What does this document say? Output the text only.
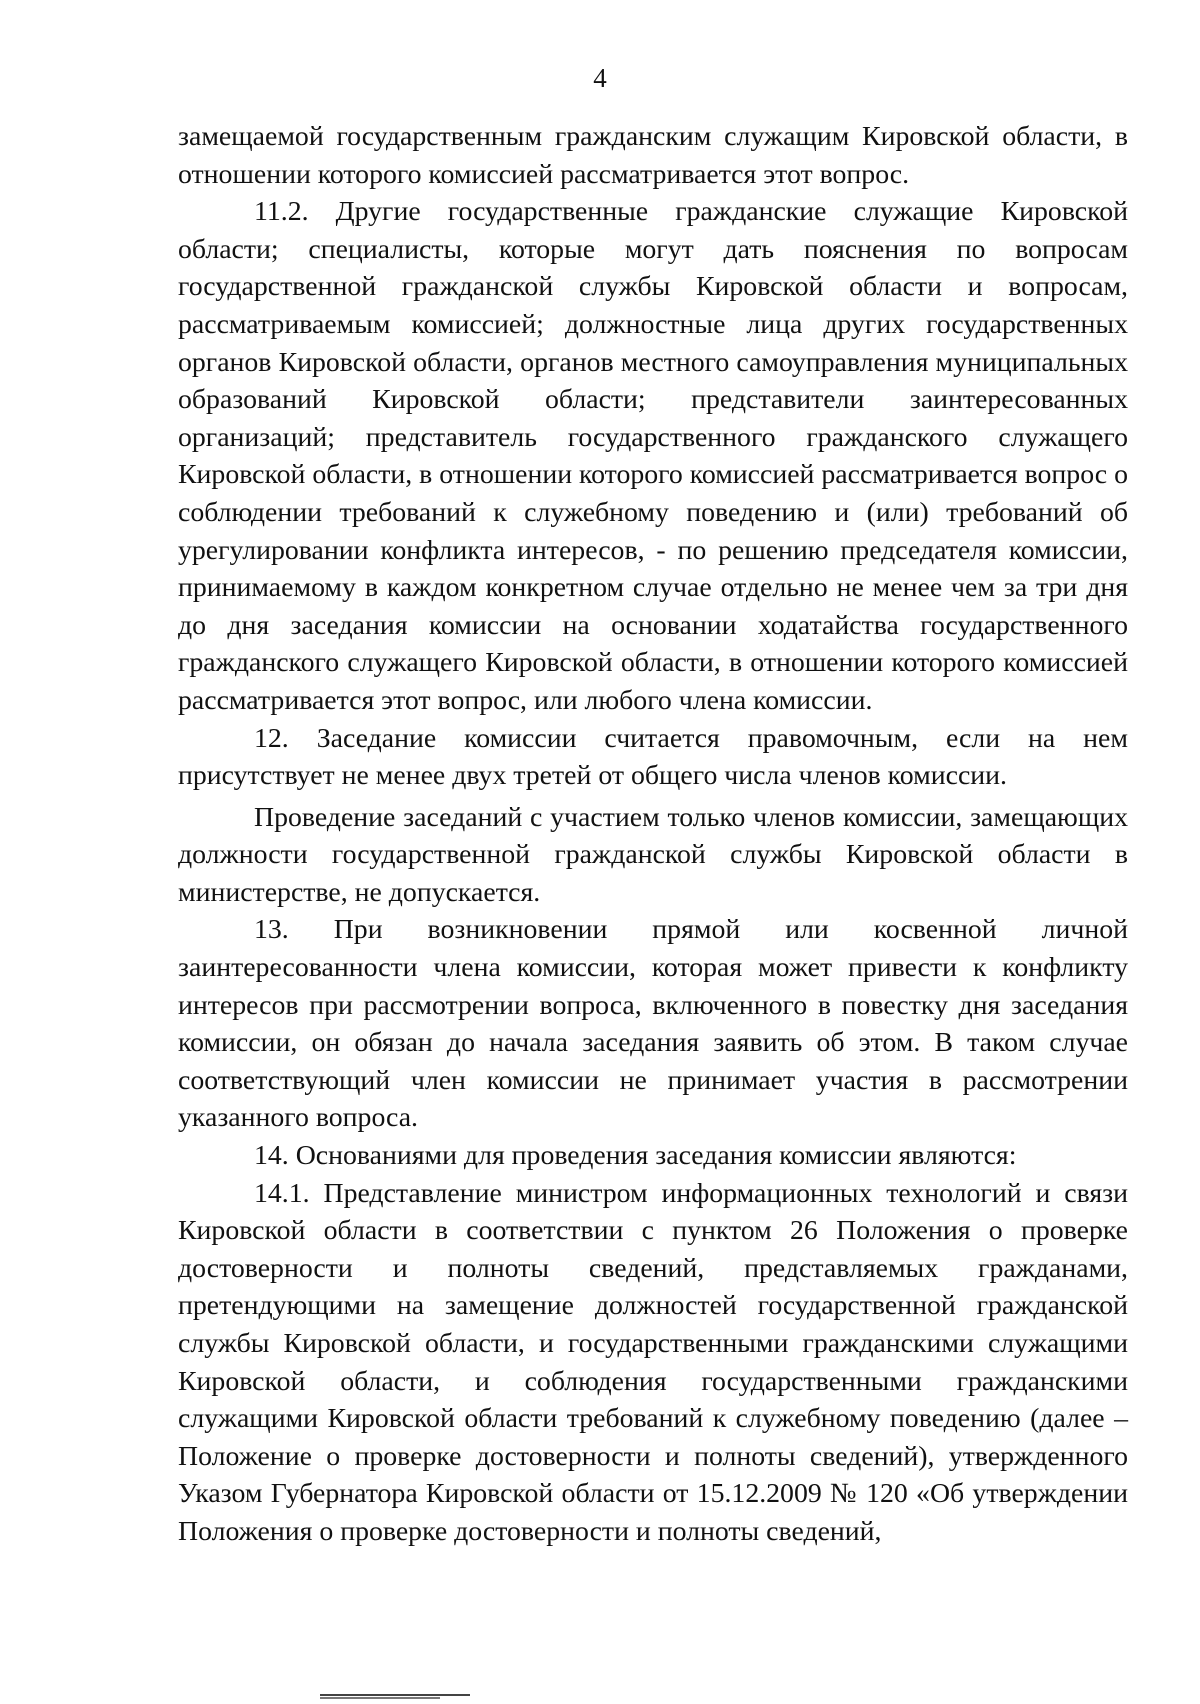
4

замещаемой государственным гражданским служащим Кировской области, в отношении которого комиссией рассматривается этот вопрос.

11.2. Другие государственные гражданские служащие Кировской области; специалисты, которые могут дать пояснения по вопросам государственной гражданской службы Кировской области и вопросам, рассматриваемым комиссией; должностные лица других государственных органов Кировской области, органов местного самоуправления муниципальных образований Кировской области; представители заинтересованных организаций; представитель государственного гражданского служащего Кировской области, в отношении которого комиссией рассматривается вопрос о соблюдении требований к служебному поведению и (или) требований об урегулировании конфликта интересов, - по решению председателя комиссии, принимаемому в каждом конкретном случае отдельно не менее чем за три дня до дня заседания комиссии на основании ходатайства государственного гражданского служащего Кировской области, в отношении которого комиссией рассматривается этот вопрос, или любого члена комиссии.

12. Заседание комиссии считается правомочным, если на нем присутствует не менее двух третей от общего числа членов комиссии.

Проведение заседаний с участием только членов комиссии, замещающих должности государственной гражданской службы Кировской области в министерстве, не допускается.

13. При возникновении прямой или косвенной личной заинтересованности члена комиссии, которая может привести к конфликту интересов при рассмотрении вопроса, включенного в повестку дня заседания комиссии, он обязан до начала заседания заявить об этом. В таком случае соответствующий член комиссии не принимает участия в рассмотрении указанного вопроса.

14. Основаниями для проведения заседания комиссии являются:

14.1. Представление министром информационных технологий и связи Кировской области в соответствии с пунктом 26 Положения о проверке достоверности и полноты сведений, представляемых гражданами, претендующими на замещение должностей государственной гражданской службы Кировской области, и государственными гражданскими служащими Кировской области, и соблюдения государственными гражданскими служащими Кировской области требований к служебному поведению (далее – Положение о проверке достоверности и полноты сведений), утвержденного Указом Губернатора Кировской области от 15.12.2009 № 120 «Об утверждении Положения о проверке достоверности и полноты сведений,
